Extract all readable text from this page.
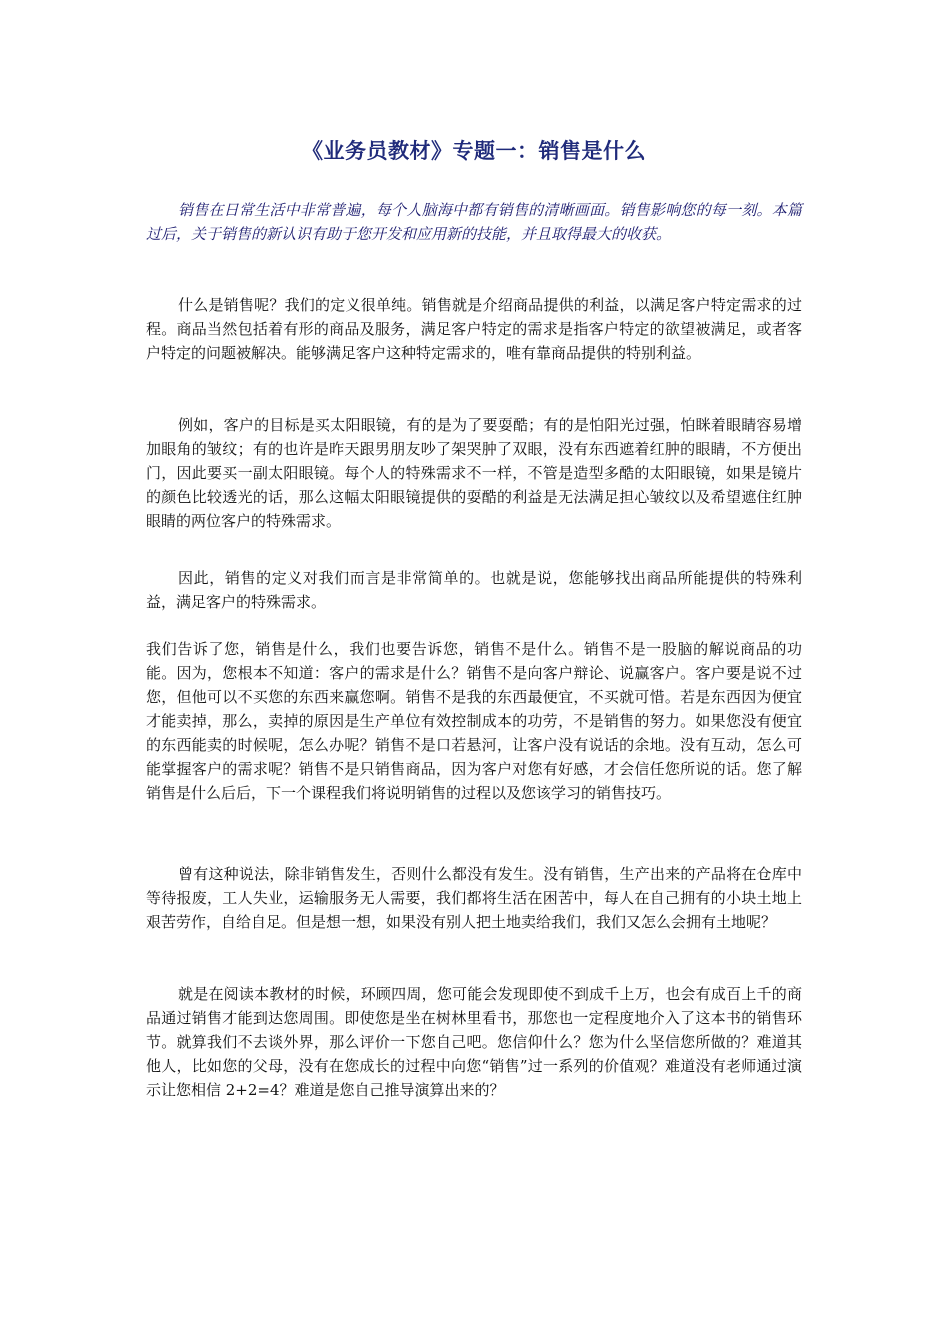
《业务员教材》专题一：销售是什么

销售在日常生活中非常普遍，每个人脑海中都有销售的清晰画面。销售影响您的每一刻。本篇过后，关于销售的新认识有助于您开发和应用新的技能，并且取得最大的收获。

什么是销售呢？我们的定义很单纯。销售就是介绍商品提供的利益，以满足客户特定需求的过程。商品当然包括着有形的商品及服务，满足客户特定的需求是指客户特定的欲望被满足，或者客户特定的问题被解决。能够满足客户这种特定需求的，唯有靠商品提供的特别利益。

例如，客户的目标是买太阳眼镜，有的是为了要耍酷；有的是怕阳光过强，怕眯着眼睛容易增加眼角的皱纹；有的也许是昨天跟男朋友吵了架哭肿了双眼，没有东西遮着红肿的眼睛，不方便出门，因此要买一副太阳眼镜。每个人的特殊需求不一样，不管是造型多酷的太阳眼镜，如果是镜片的颜色比较透光的话，那么这幅太阳眼镜提供的耍酷的利益是无法满足担心皱纹以及希望遮住红肿眼睛的两位客户的特殊需求。

因此，销售的定义对我们而言是非常简单的。也就是说，您能够找出商品所能提供的特殊利益，满足客户的特殊需求。

我们告诉了您，销售是什么，我们也要告诉您，销售不是什么。销售不是一股脑的解说商品的功能。因为，您根本不知道：客户的需求是什么？销售不是向客户辩论、说赢客户。客户要是说不过您，但他可以不买您的东西来赢您啊。销售不是我的东西最便宜，不买就可惜。若是东西因为便宜才能卖掉，那么，卖掉的原因是生产单位有效控制成本的功劳，不是销售的努力。如果您没有便宜的东西能卖的时候呢，怎么办呢？销售不是口若悬河，让客户没有说话的余地。没有互动，怎么可能掌握客户的需求呢？销售不是只销售商品，因为客户对您有好感，才会信任您所说的话。您了解销售是什么后后，下一个课程我们将说明销售的过程以及您该学习的销售技巧。

曾有这种说法，除非销售发生，否则什么都没有发生。没有销售，生产出来的产品将在仓库中等待报废，工人失业，运输服务无人需要，我们都将生活在困苦中，每人在自己拥有的小块土地上艰苦劳作，自给自足。但是想一想，如果没有别人把土地卖给我们，我们又怎么会拥有土地呢？

就是在阅读本教材的时候，环顾四周，您可能会发现即使不到成千上万，也会有成百上千的商品通过销售才能到达您周围。即使您是坐在树林里看书，那您也一定程度地介入了这本书的销售环节。就算我们不去谈外界，那么评价一下您自己吧。您信仰什么？您为什么坚信您所做的？难道其他人，比如您的父母，没有在您成长的过程中向您“销售”过一系列的价值观？难道没有老师通过演示让您相信 2+2=4？难道是您自己推导演算出来的？
